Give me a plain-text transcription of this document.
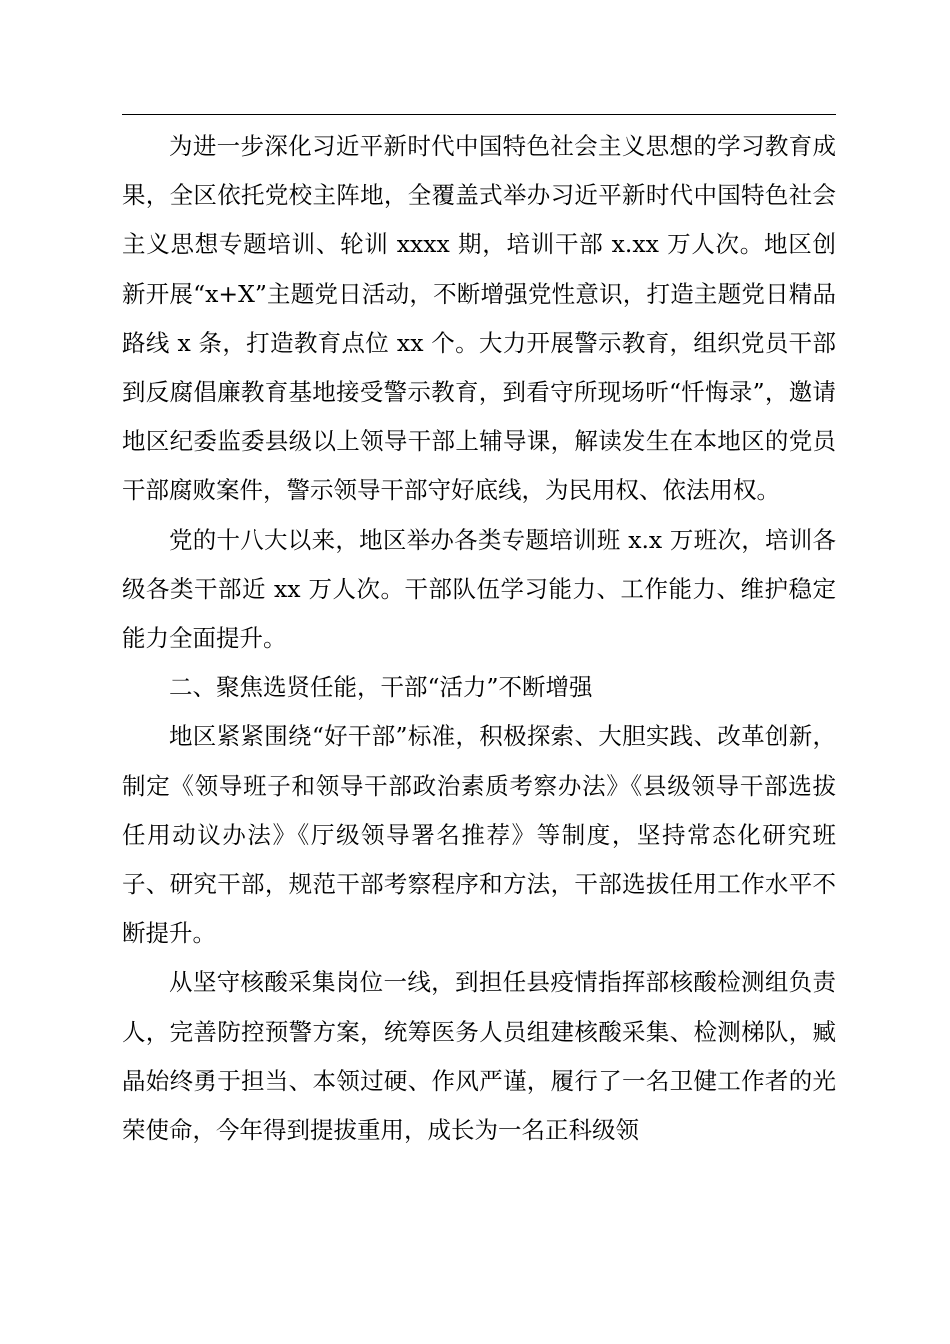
为进一步深化习近平新时代中国特色社会主义思想的学习教育成果，全区依托党校主阵地，全覆盖式举办习近平新时代中国特色社会主义思想专题培训、轮训 xxxx 期，培训干部 x.xx 万人次。地区创新开展“x+X”主题党日活动，不断增强党性意识，打造主题党日精品路线 x 条，打造教育点位 xx 个。大力开展警示教育，组织党员干部到反腐倡廉教育基地接受警示教育，到看守所现场听“忏悔录”，邀请地区纪委监委县级以上领导干部上辅导课，解读发生在本地区的党员干部腐败案件，警示领导干部守好底线，为民用权、依法用权。

党的十八大以来，地区举办各类专题培训班 x.x 万班次，培训各级各类干部近 xx 万人次。干部队伍学习能力、工作能力、维护稳定能力全面提升。

二、聚焦选贤任能，干部“活力”不断增强

地区紧紧围绕“好干部”标准，积极探索、大胆实践、改革创新，制定《领导班子和领导干部政治素质考察办法》《县级领导干部选拔任用动议办法》《厅级领导署名推荐》等制度，坚持常态化研究班子、研究干部，规范干部考察程序和方法，干部选拔任用工作水平不断提升。

从坚守核酸采集岗位一线，到担任县疫情指挥部核酸检测组负责人，完善防控预警方案，统筹医务人员组建核酸采集、检测梯队，臧晶始终勇于担当、本领过硬、作风严谨，履行了一名卫健工作者的光荣使命，今年得到提拔重用，成长为一名正科级领
